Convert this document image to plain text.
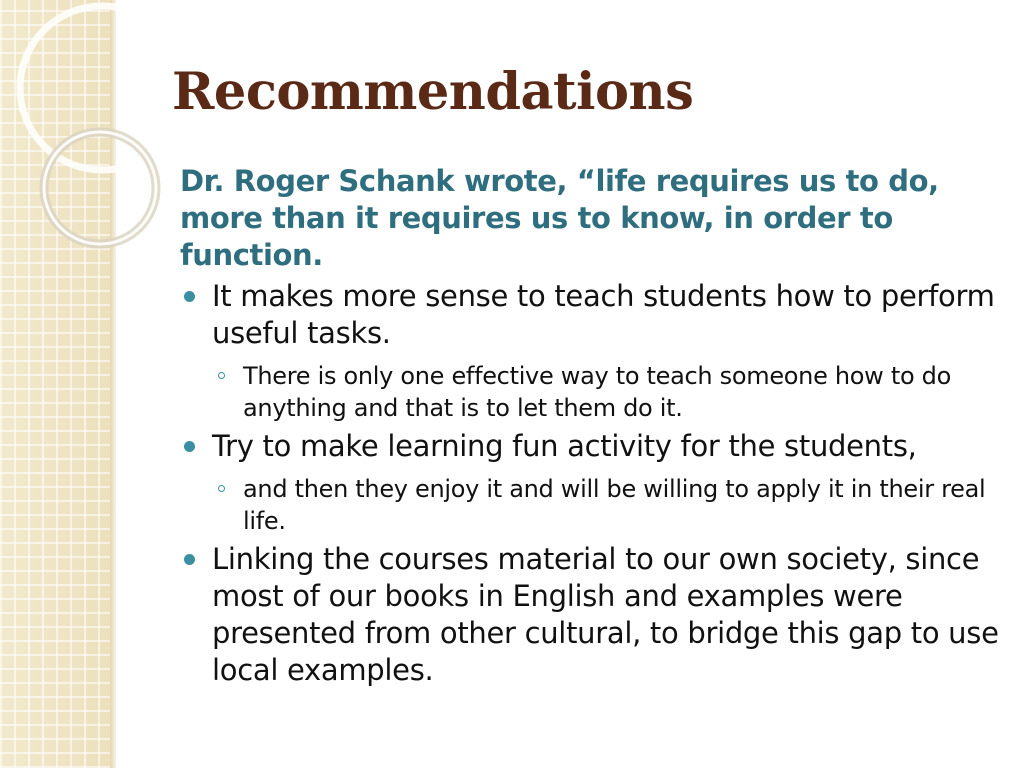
Recommendations

Dr. Roger Schank wrote, “life requires us to do, more than it requires us to know, in order to function.

It makes more sense to teach students how to perform useful tasks.
There is only one effective way to teach someone how to do anything and that is to let them do it.
Try to make learning fun activity for the students,
and then they enjoy it and will be willing to apply it in their real life.
Linking the courses material to our own society, since most of our books in English and examples were presented from other cultural, to bridge this gap to use local examples.
